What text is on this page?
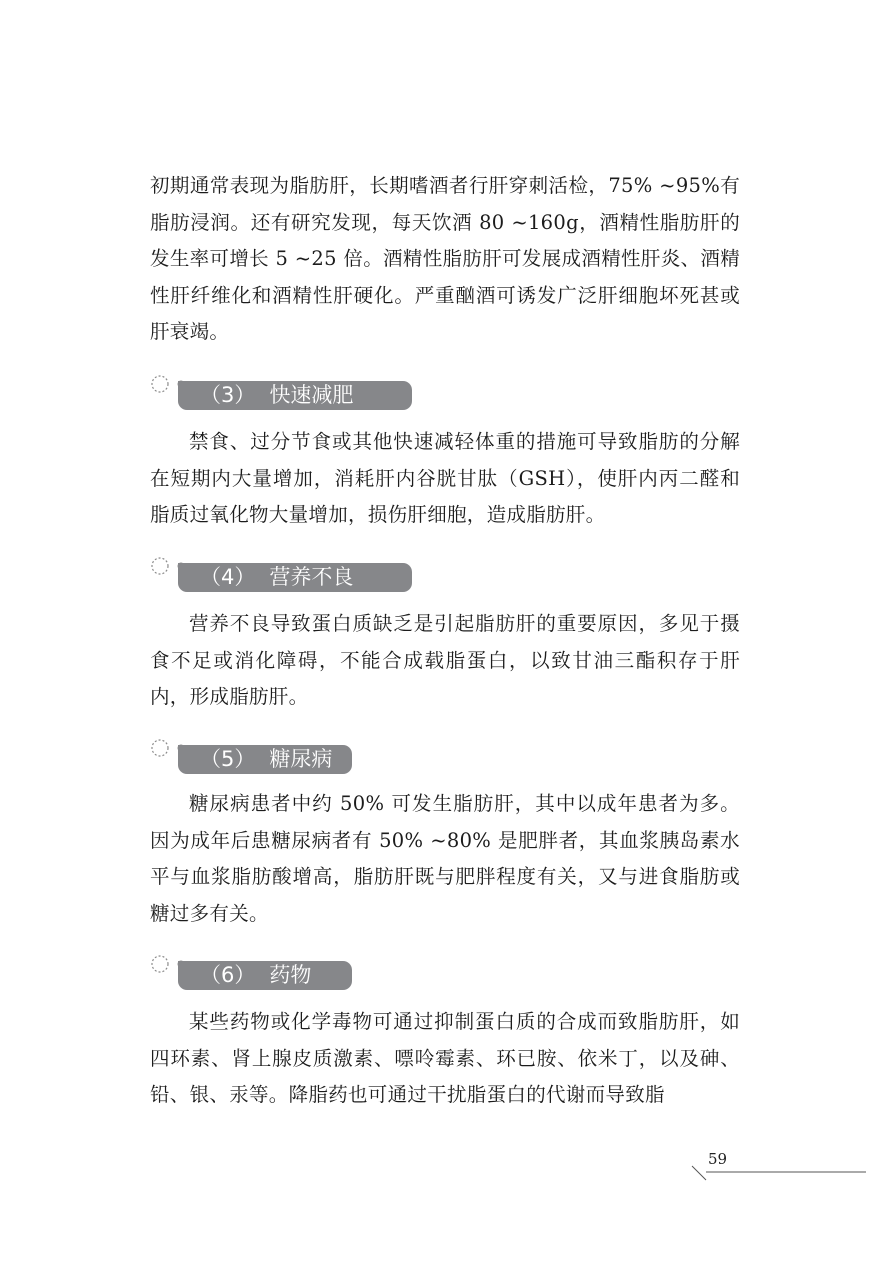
初期通常表现为脂肪肝，长期嗜酒者行肝穿刺活检，75% ~95%有脂肪浸润。还有研究发现，每天饮酒 80 ~160g，酒精性脂肪肝的发生率可增长 5 ~25 倍。酒精性脂肪肝可发展成酒精性肝炎、酒精性肝纤维化和酒精性肝硬化。严重酗酒可诱发广泛肝细胞坏死甚或肝衰竭。

（3） 快速减肥

禁食、过分节食或其他快速减轻体重的措施可导致脂肪的分解在短期内大量增加，消耗肝内谷胱甘肽（GSH），使肝内丙二醛和脂质过氧化物大量增加，损伤肝细胞，造成脂肪肝。

（4） 营养不良

营养不良导致蛋白质缺乏是引起脂肪肝的重要原因，多见于摄食不足或消化障碍，不能合成载脂蛋白，以致甘油三酯积存于肝内，形成脂肪肝。

（5） 糖尿病

糖尿病患者中约 50% 可发生脂肪肝，其中以成年患者为多。因为成年后患糖尿病者有 50% ~80% 是肥胖者，其血浆胰岛素水平与血浆脂肪酸增高，脂肪肝既与肥胖程度有关，又与进食脂肪或糖过多有关。

（6） 药物

某些药物或化学毒物可通过抑制蛋白质的合成而致脂肪肝，如四环素、肾上腺皮质激素、嘌呤霉素、环已胺、依米丁，以及砷、铅、银、汞等。降脂药也可通过干扰脂蛋白的代谢而导致脂

59
